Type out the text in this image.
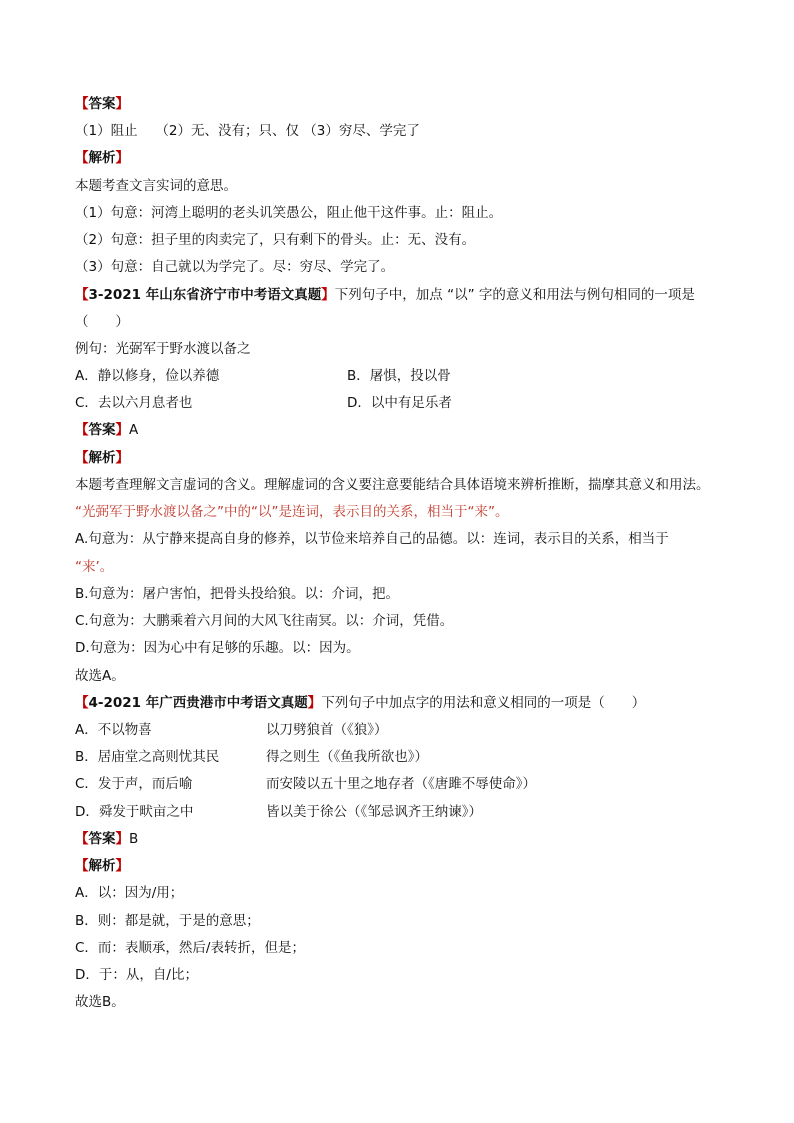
【答案】

（1）阻止　 （2）无、没有；只、仅 （3）穷尽、学完了

【解析】

本题考查文言实词的意思。

（1）句意：河湾上聪明的老头讥笑愚公，阻止他干这件事。止：阻止。

（2）句意：担子里的肉卖完了，只有剩下的骨头。止：无、没有。

（3）句意：自己就以为学完了。尽：穷尽、学完了。

【3-2021 年山东省济宁市中考语文真题】下列句子中，加点 “以” 字的意义和用法与例句相同的一项是

（　　）

例句：光弼军于野水渡以备之

A．静以修身，俭以养德	B．屠惧，投以骨

C．去以六月息者也	D．以中有足乐者

【答案】A

【解析】

本题考查理解文言虚词的含义。理解虚词的含义要注意要能结合具体语境来辨析推断，揣摩其意义和用法。

“光弼军于野水渡以备之”中的“以”是连词，表示目的关系，相当于“来”。

A.句意为：从宁静来提高自身的修养，以节俭来培养自己的品德。以：连词，表示目的关系，相当于

“来’。

B.句意为：屠户害怕，把骨头投给狼。以：介词，把。

C.句意为：大鹏乘着六月间的大风飞往南冥。以：介词，凭借。

D.句意为：因为心中有足够的乐趣。以：因为。

故选A。

【4-2021 年广西贵港市中考语文真题】下列句子中加点字的用法和意义相同的一项是（　　）

A．不以物喜	以刀劈狼首（《狼》）

B．居庙堂之高则忧其民	得之则生（《鱼我所欲也》）

C．发于声，而后喻	而安陵以五十里之地存者（《唐雎不辱使命》）

D．舜发于畎亩之中	皆以美于徐公（《邹忌讽齐王纳谏》）

【答案】B

【解析】

A．以：因为/用；

B．则：都是就，于是的意思；

C．而：表顺承，然后/表转折，但是；

D．于：从，自/比；

故选B。
